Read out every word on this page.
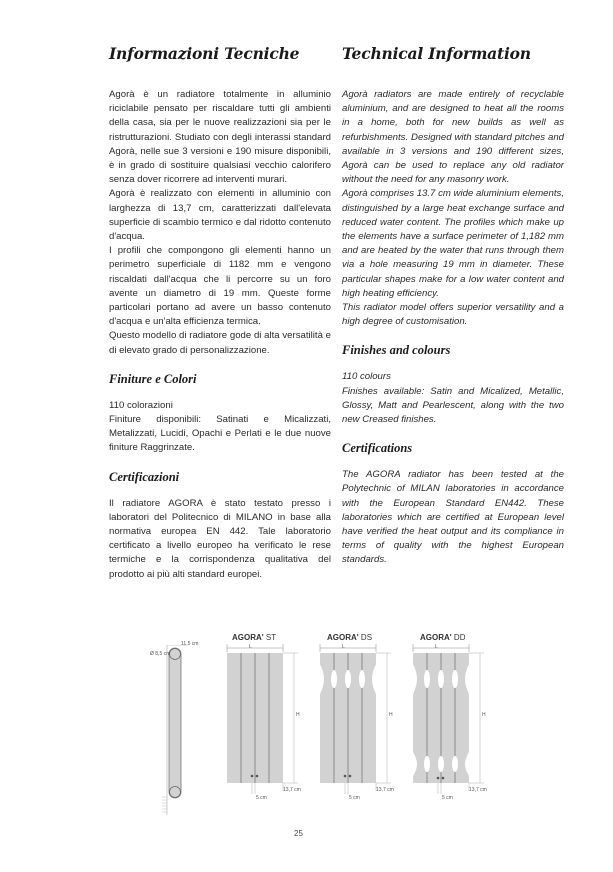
Informazioni Tecniche

Agorà è un radiatore totalmente in alluminio riciclabile pensato per riscaldare tutti gli ambienti della casa, sia per le nuove realizzazioni sia per le ristrutturazioni. Studiato con degli interassi standard Agorà, nelle sue 3 versioni e 190 misure disponibili, è in grado di sostituire qualsiasi vecchio calorifero senza dover ricorrere ad interventi murari.

Agorà è realizzato con elementi in alluminio con larghezza di 13,7 cm, caratterizzati dall'elevata superficie di scambio termico e dal ridotto contenuto d'acqua.

I profili che compongono gli elementi hanno un perimetro superficiale di 1182 mm e vengono riscaldati dall'acqua che li percorre su un foro avente un diametro di 19 mm. Queste forme particolari portano ad avere un basso contenuto d'acqua e un'alta efficienza termica.

Questo modello di radiatore gode di alta versatilità e di elevato grado di personalizzazione.

Finiture e Colori

110 colorazioni

Finiture disponibili: Satinati e Micalizzati, Metalizzati, Lucidi, Opachi e Perlati e le due nuove finiture Raggrinzate.

Certificazioni

Il radiatore AGORA è stato testato presso i laboratori del Politecnico di MILANO in base alla normativa europea EN 442. Tale laboratorio certificato a livello europeo ha verificato le rese termiche e la corrispondenza qualitativa del prodotto ai più alti standard europei.

Technical Information

Agorà radiators are made entirely of recyclable aluminium, and are designed to heat all the rooms in a home, both for new builds as well as refurbishments. Designed with standard pitches and available in 3 versions and 190 different sizes, Agorà can be used to replace any old radiator without the need for any masonry work.

Agorà comprises 13.7 cm wide aluminium elements, distinguished by a large heat exchange surface and reduced water content. The profiles which make up the elements have a surface perimeter of 1,182 mm and are heated by the water that runs through them via a hole measuring 19 mm in diameter. These particular shapes make for a low water content and high heating efficiency.

This radiator model offers superior versatility and a high degree of customisation.

Finishes and colours

110 colours

Finishes available: Satin and Micalized, Metallic, Glossy, Matt and Pearlescent, along with the two new Creased finishes.

Certifications

The AGORA radiator has been tested at the Polytechnic of MILAN laboratories in accordance with the European Standard EN442. These laboratories which are certified at European level have verified the heat output and its compliance in terms of quality with the highest European standards.

11,5 cm
Ø 8,5 cm
AGORA' ST
L
H
13,7 cm
5 cm
AGORA' DS
L
H
13,7 cm
5 cm
AGORA' DD
L
H
13,7 cm
5 cm
25
